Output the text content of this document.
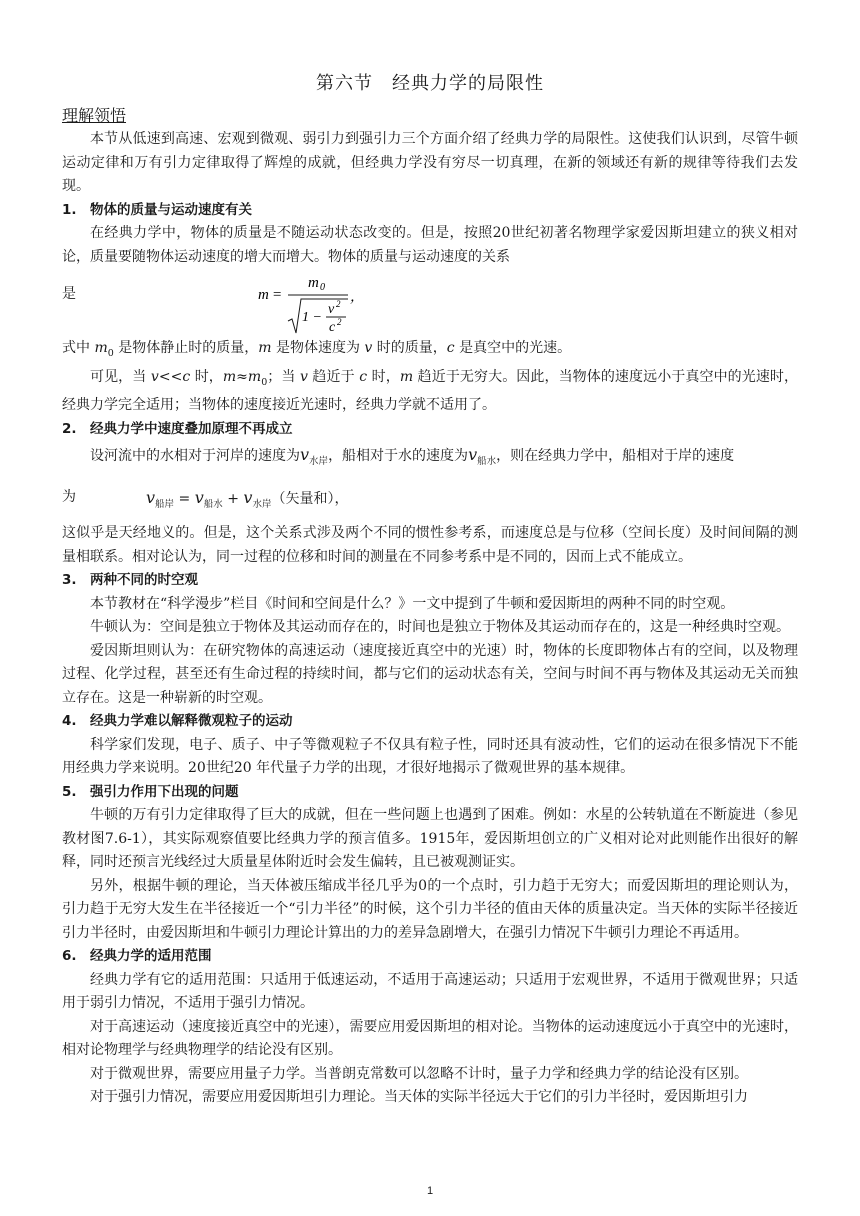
第六节　经典力学的局限性
理解领悟

本节从低速到高速、宏观到微观、弱引力到强引力三个方面介绍了经典力学的局限性。这使我们认识到，尽管牛顿运动定律和万有引力定律取得了辉煌的成就，但经典力学没有穷尽一切真理，在新的领域还有新的规律等待我们去发现。

1. 物体的质量与运动速度有关

在经典力学中，物体的质量是不随运动状态改变的。但是，按照20世纪初著名物理学家爱因斯坦建立的狭义相对论，质量要随物体运动速度的增大而增大。物体的质量与运动速度的关系

是	m =
m 0
1 −
v 2
c 2
，

式中 $m_0$ 是物体静止时的质量，m 是物体速度为 v 时的质量，c 是真空中的光速。

可见，当 v<<c 时，$m\approx m_0$；当 v 趋近于 c 时，m 趋近于无穷大。因此，当物体的速度远小于真空中的光速时，经典力学完全适用；当物体的速度接近光速时，经典力学就不适用了。

2. 经典力学中速度叠加原理不再成立

设河流中的水相对于河岸的速度为$v_{水岸}$，船相对于水的速度为$v_{船水}$，则在经典力学中，船相对于岸的速度

为	$v_{船岸} = v_{船水} + v_{水岸}$（矢量和），

这似乎是天经地义的。但是，这个关系式涉及两个不同的惯性参考系，而速度总是与位移（空间长度）及时间间隔的测量相联系。相对论认为，同一过程的位移和时间的测量在不同参考系中是不同的，因而上式不能成立。

3. 两种不同的时空观

本节教材在“科学漫步”栏目《时间和空间是什么？》一文中提到了牛顿和爱因斯坦的两种不同的时空观。

牛顿认为：空间是独立于物体及其运动而存在的，时间也是独立于物体及其运动而存在的，这是一种经典时空观。

爱因斯坦则认为：在研究物体的高速运动（速度接近真空中的光速）时，物体的长度即物体占有的空间，以及物理过程、化学过程，甚至还有生命过程的持续时间，都与它们的运动状态有关，空间与时间不再与物体及其运动无关而独立存在。这是一种崭新的时空观。

4. 经典力学难以解释微观粒子的运动

科学家们发现，电子、质子、中子等微观粒子不仅具有粒子性，同时还具有波动性，它们的运动在很多情况下不能用经典力学来说明。20世纪20 年代量子力学的出现，才很好地揭示了微观世界的基本规律。

5. 强引力作用下出现的问题

牛顿的万有引力定律取得了巨大的成就，但在一些问题上也遇到了困难。例如：水星的公转轨道在不断旋进（参见教材图7.6-1），其实际观察值要比经典力学的预言值多。1915年，爱因斯坦创立的广义相对论对此则能作出很好的解释，同时还预言光线经过大质量星体附近时会发生偏转，且已被观测证实。

另外，根据牛顿的理论，当天体被压缩成半径几乎为0的一个点时，引力趋于无穷大；而爱因斯坦的理论则认为，引力趋于无穷大发生在半径接近一个“引力半径”的时候，这个引力半径的值由天体的质量决定。当天体的实际半径接近引力半径时，由爱因斯坦和牛顿引力理论计算出的力的差异急剧增大，在强引力情况下牛顿引力理论不再适用。

6. 经典力学的适用范围

经典力学有它的适用范围：只适用于低速运动，不适用于高速运动；只适用于宏观世界，不适用于微观世界；只适用于弱引力情况，不适用于强引力情况。

对于高速运动（速度接近真空中的光速），需要应用爱因斯坦的相对论。当物体的运动速度远小于真空中的光速时，相对论物理学与经典物理学的结论没有区别。

对于微观世界，需要应用量子力学。当普朗克常数可以忽略不计时，量子力学和经典力学的结论没有区别。

对于强引力情况，需要应用爱因斯坦引力理论。当天体的实际半径远大于它们的引力半径时，爱因斯坦引力

1
